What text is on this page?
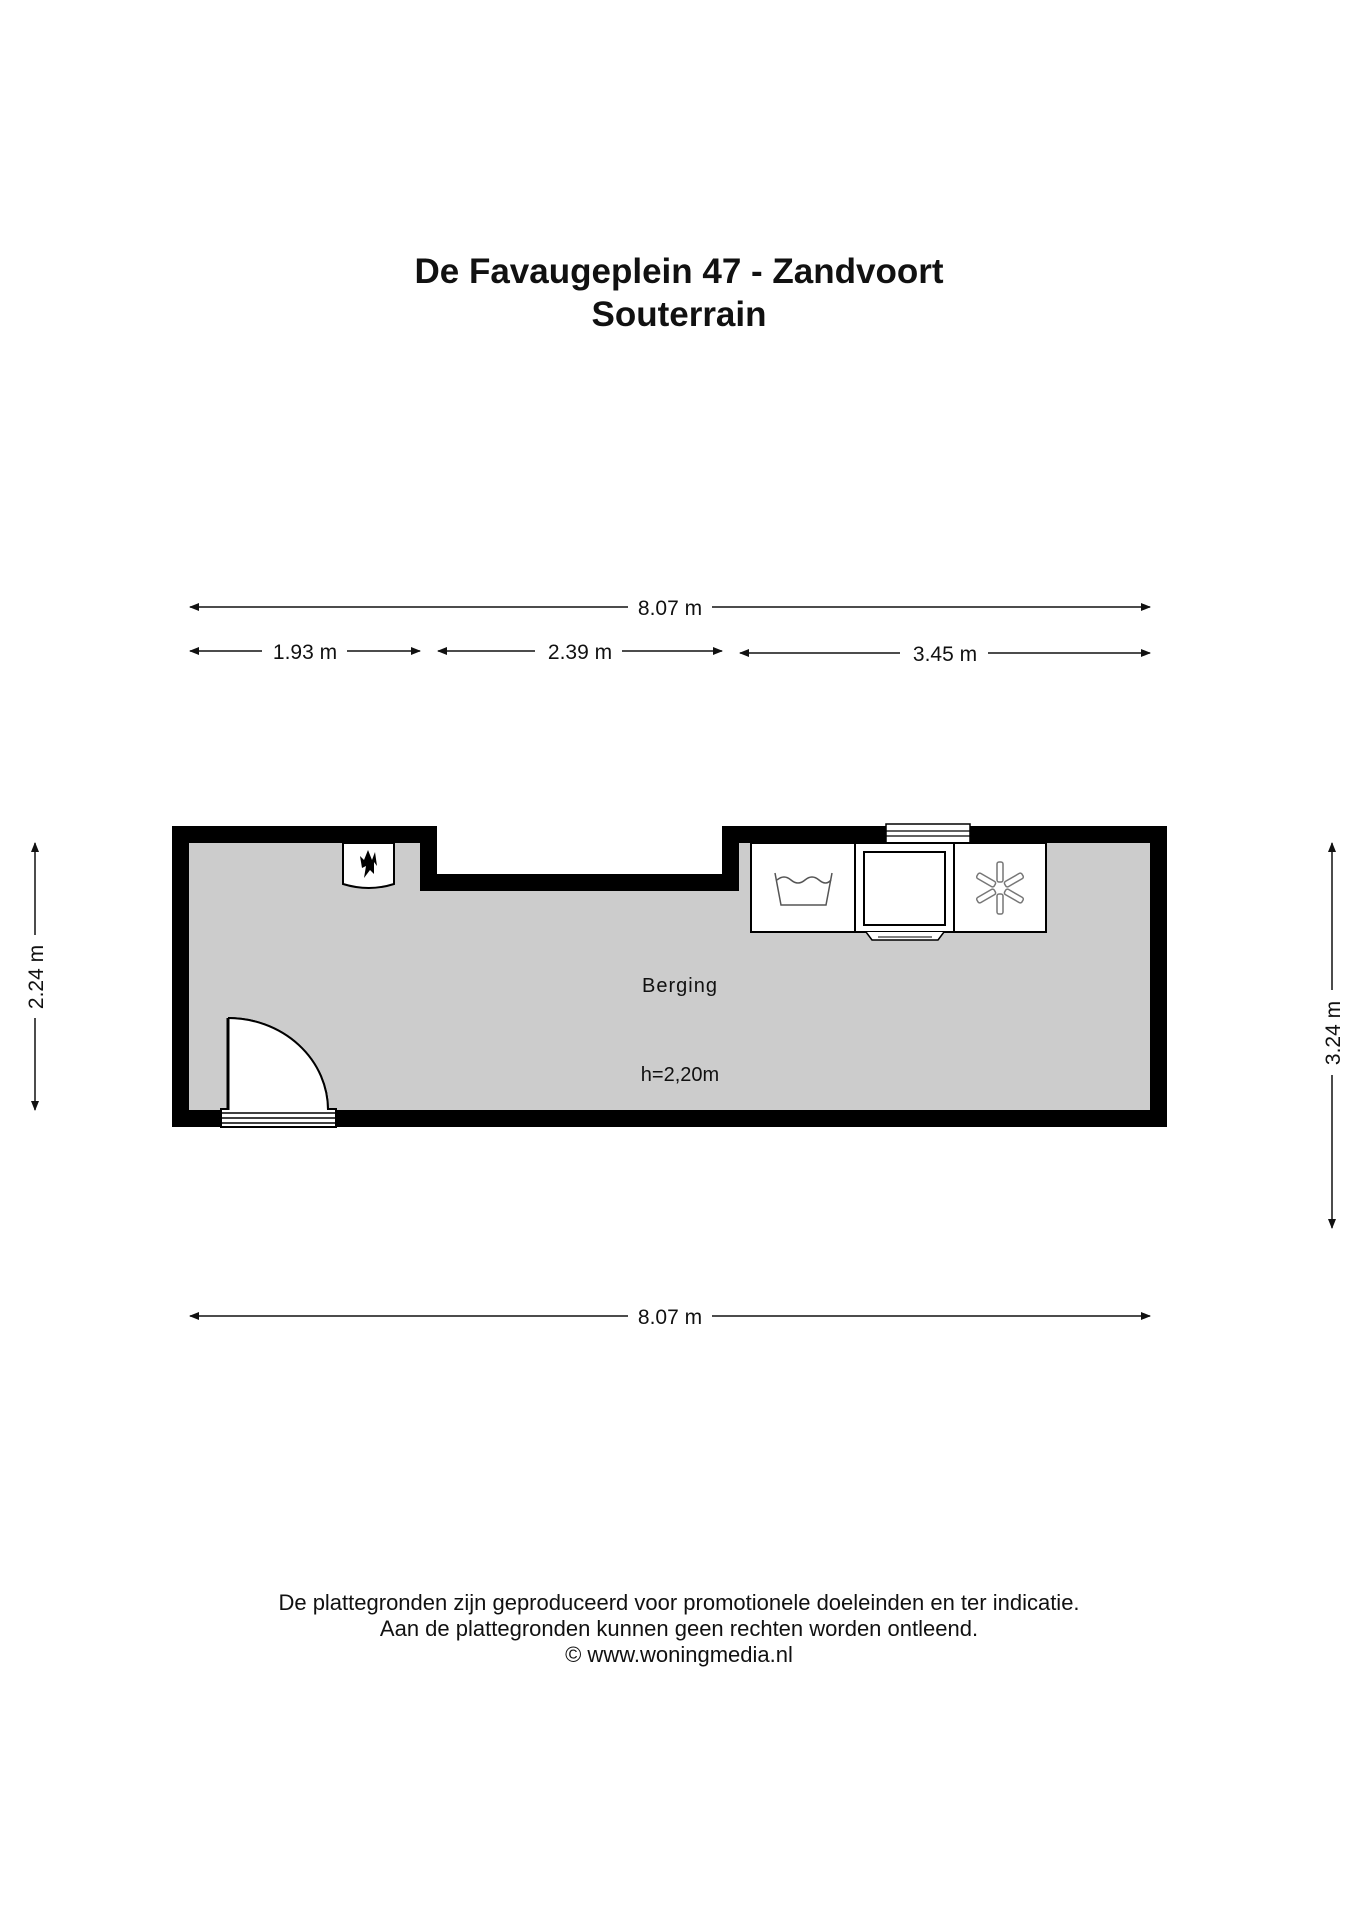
De Favaugeplein 47 - Zandvoort
Souterrain
8.07 m
1.93 m	2.39 m	3.45 m
2.24 m
3.24 m
Berging
h=2,20m
8.07 m
De plattegronden zijn geproduceerd voor promotionele doeleinden en ter indicatie.
Aan de plattegronden kunnen geen rechten worden ontleend.
© www.woningmedia.nl
